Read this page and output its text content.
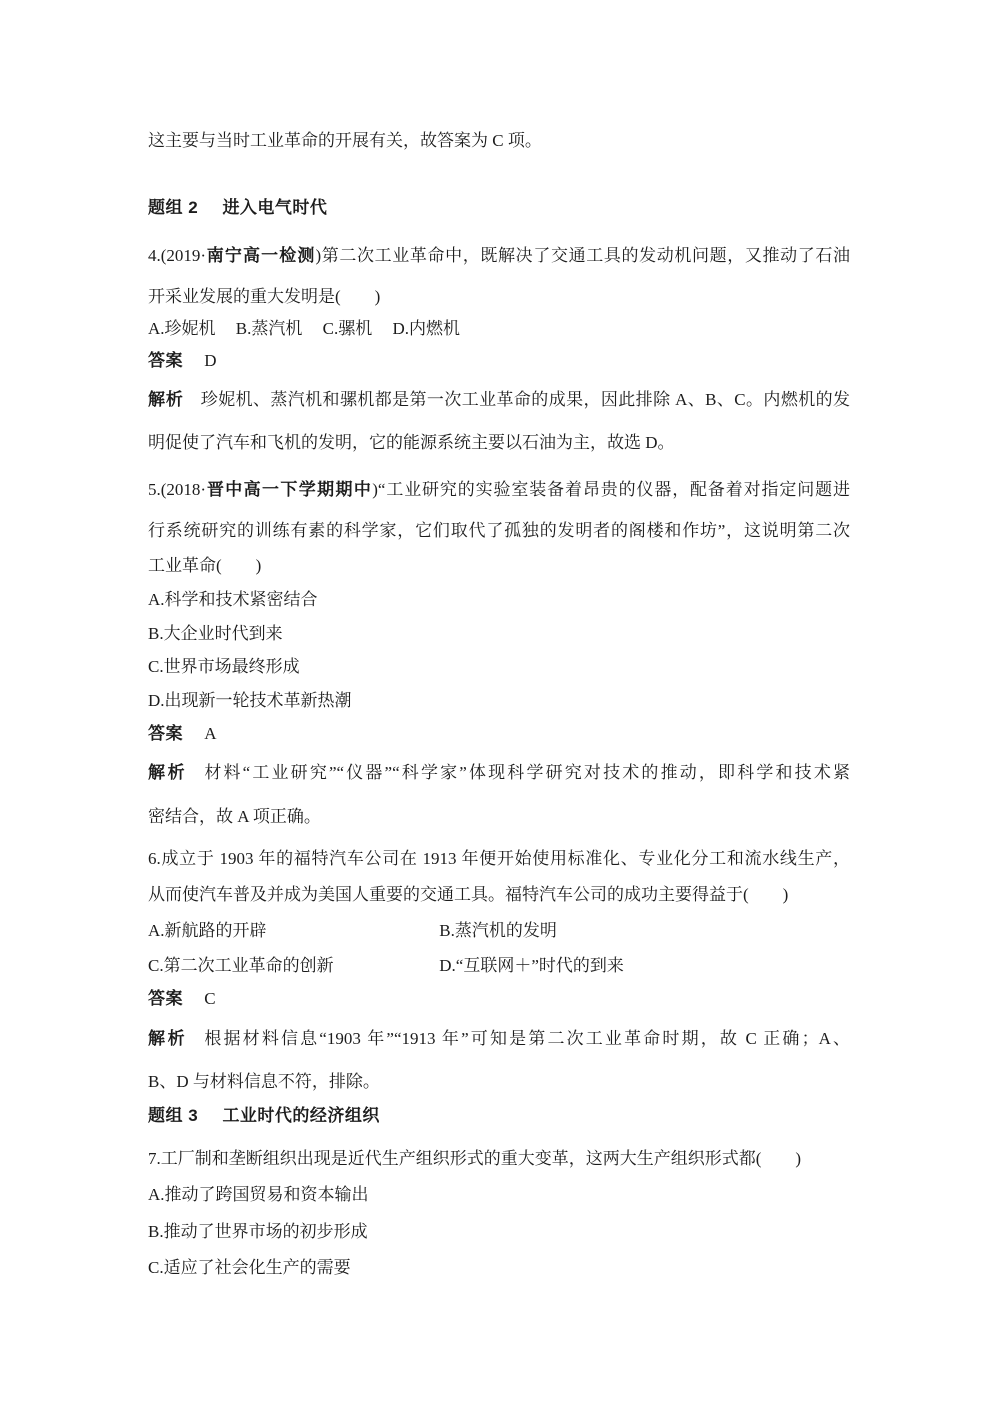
这主要与当时工业革命的开展有关，故答案为 C 项。
题组 2 进入电气时代
4.(2019·南宁高一检测)第二次工业革命中，既解决了交通工具的发动机问题，又推动了石油
开采业发展的重大发明是(　　)
A.珍妮机 B.蒸汽机 C.骡机 D.内燃机
答案 D
解析 珍妮机、蒸汽机和骡机都是第一次工业革命的成果，因此排除 A、B、C。内燃机的发
明促使了汽车和飞机的发明，它的能源系统主要以石油为主，故选 D。
5.(2018·晋中高一下学期期中)“工业研究的实验室装备着昂贵的仪器，配备着对指定问题进
行系统研究的训练有素的科学家，它们取代了孤独的发明者的阁楼和作坊”，这说明第二次
工业革命(　　)
A.科学和技术紧密结合
B.大企业时代到来
C.世界市场最终形成
D.出现新一轮技术革新热潮
答案 A
解析 材料“工业研究”“仪器”“科学家”体现科学研究对技术的推动，即科学和技术紧
密结合，故 A 项正确。
6.成立于 1903 年的福特汽车公司在 1913 年便开始使用标准化、专业化分工和流水线生产，
从而使汽车普及并成为美国人重要的交通工具。福特汽车公司的成功主要得益于(　　)
A.新航路的开辟	B.蒸汽机的发明
C.第二次工业革命的创新	D.“互联网＋”时代的到来
答案 C
解析 根据材料信息“1903 年”“1913 年”可知是第二次工业革命时期，故 C 正确；A、
B、D 与材料信息不符，排除。
题组 3 工业时代的经济组织
7.工厂制和垄断组织出现是近代生产组织形式的重大变革，这两大生产组织形式都(　　)
A.推动了跨国贸易和资本输出
B.推动了世界市场的初步形成
C.适应了社会化生产的需要
